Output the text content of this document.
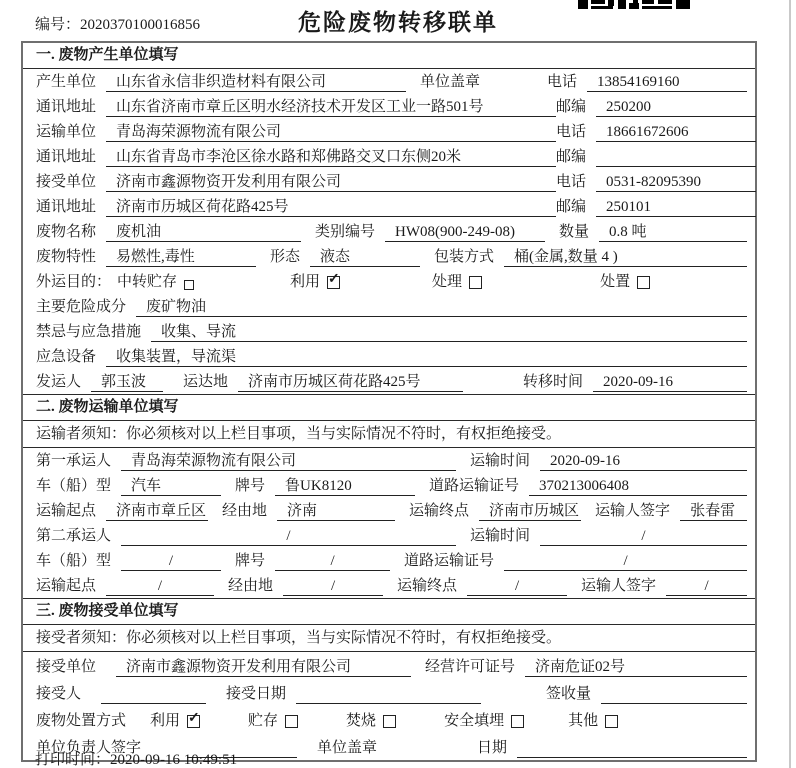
编号：2020370100016856	危险废物转移联单
一. 废物产生单位填写
产生单位	山东省永信非织造材料有限公司	单位盖章	电话	13854169160
通讯地址	山东省济南市章丘区明水经济技术开发区工业一路501号	邮编	250200
运输单位	青岛海荣源物流有限公司	电话	18661672606
通讯地址	山东省青岛市李沧区徐水路和郑佛路交叉口东侧20米	邮编
接受单位	济南市鑫源物资开发利用有限公司	电话	0531-82095390
通讯地址	济南市历城区荷花路425号	邮编	250101
废物名称	废机油	类别编号	HW08(900-249-08)	数量	0.8 吨
废物特性	易燃性,毒性	形态	液态	包装方式	桶(金属,数量 4 )
外运目的： 中转贮存	利用 ✓	处理	处置
主要危险成分	废矿物油
禁忌与应急措施	收集、导流
应急设备	收集装置，导流渠
发运人	郭玉波	运达地	济南市历城区荷花路425号	转移时间	2020-09-16
二. 废物运输单位填写
运输者须知：你必须核对以上栏目事项，当与实际情况不符时，有权拒绝接受。
第一承运人	青岛海荣源物流有限公司	运输时间	2020-09-16
车（船）型	汽车	牌号	鲁UK8120	道路运输证号	370213006408
运输起点	济南市章丘区 经由地	济南	运输终点	济南市历城区 运输人签字	张春雷
第二承运人	/	运输时间	/
车（船）型	/	牌号	/	道路运输证号	/
运输起点	/	经由地	/	运输终点	/	运输人签字	/
三. 废物接受单位填写
接受者须知：你必须核对以上栏目事项，当与实际情况不符时，有权拒绝接受。
接受单位	济南市鑫源物资开发利用有限公司	经营许可证号	济南危证02号
接受人	接受日期	签收量
废物处置方式 利用 ✓	贮存	焚烧	安全填埋	其他
单位负责人签字	单位盖章	日期
打印时间：2020-09-16 10:49:51
